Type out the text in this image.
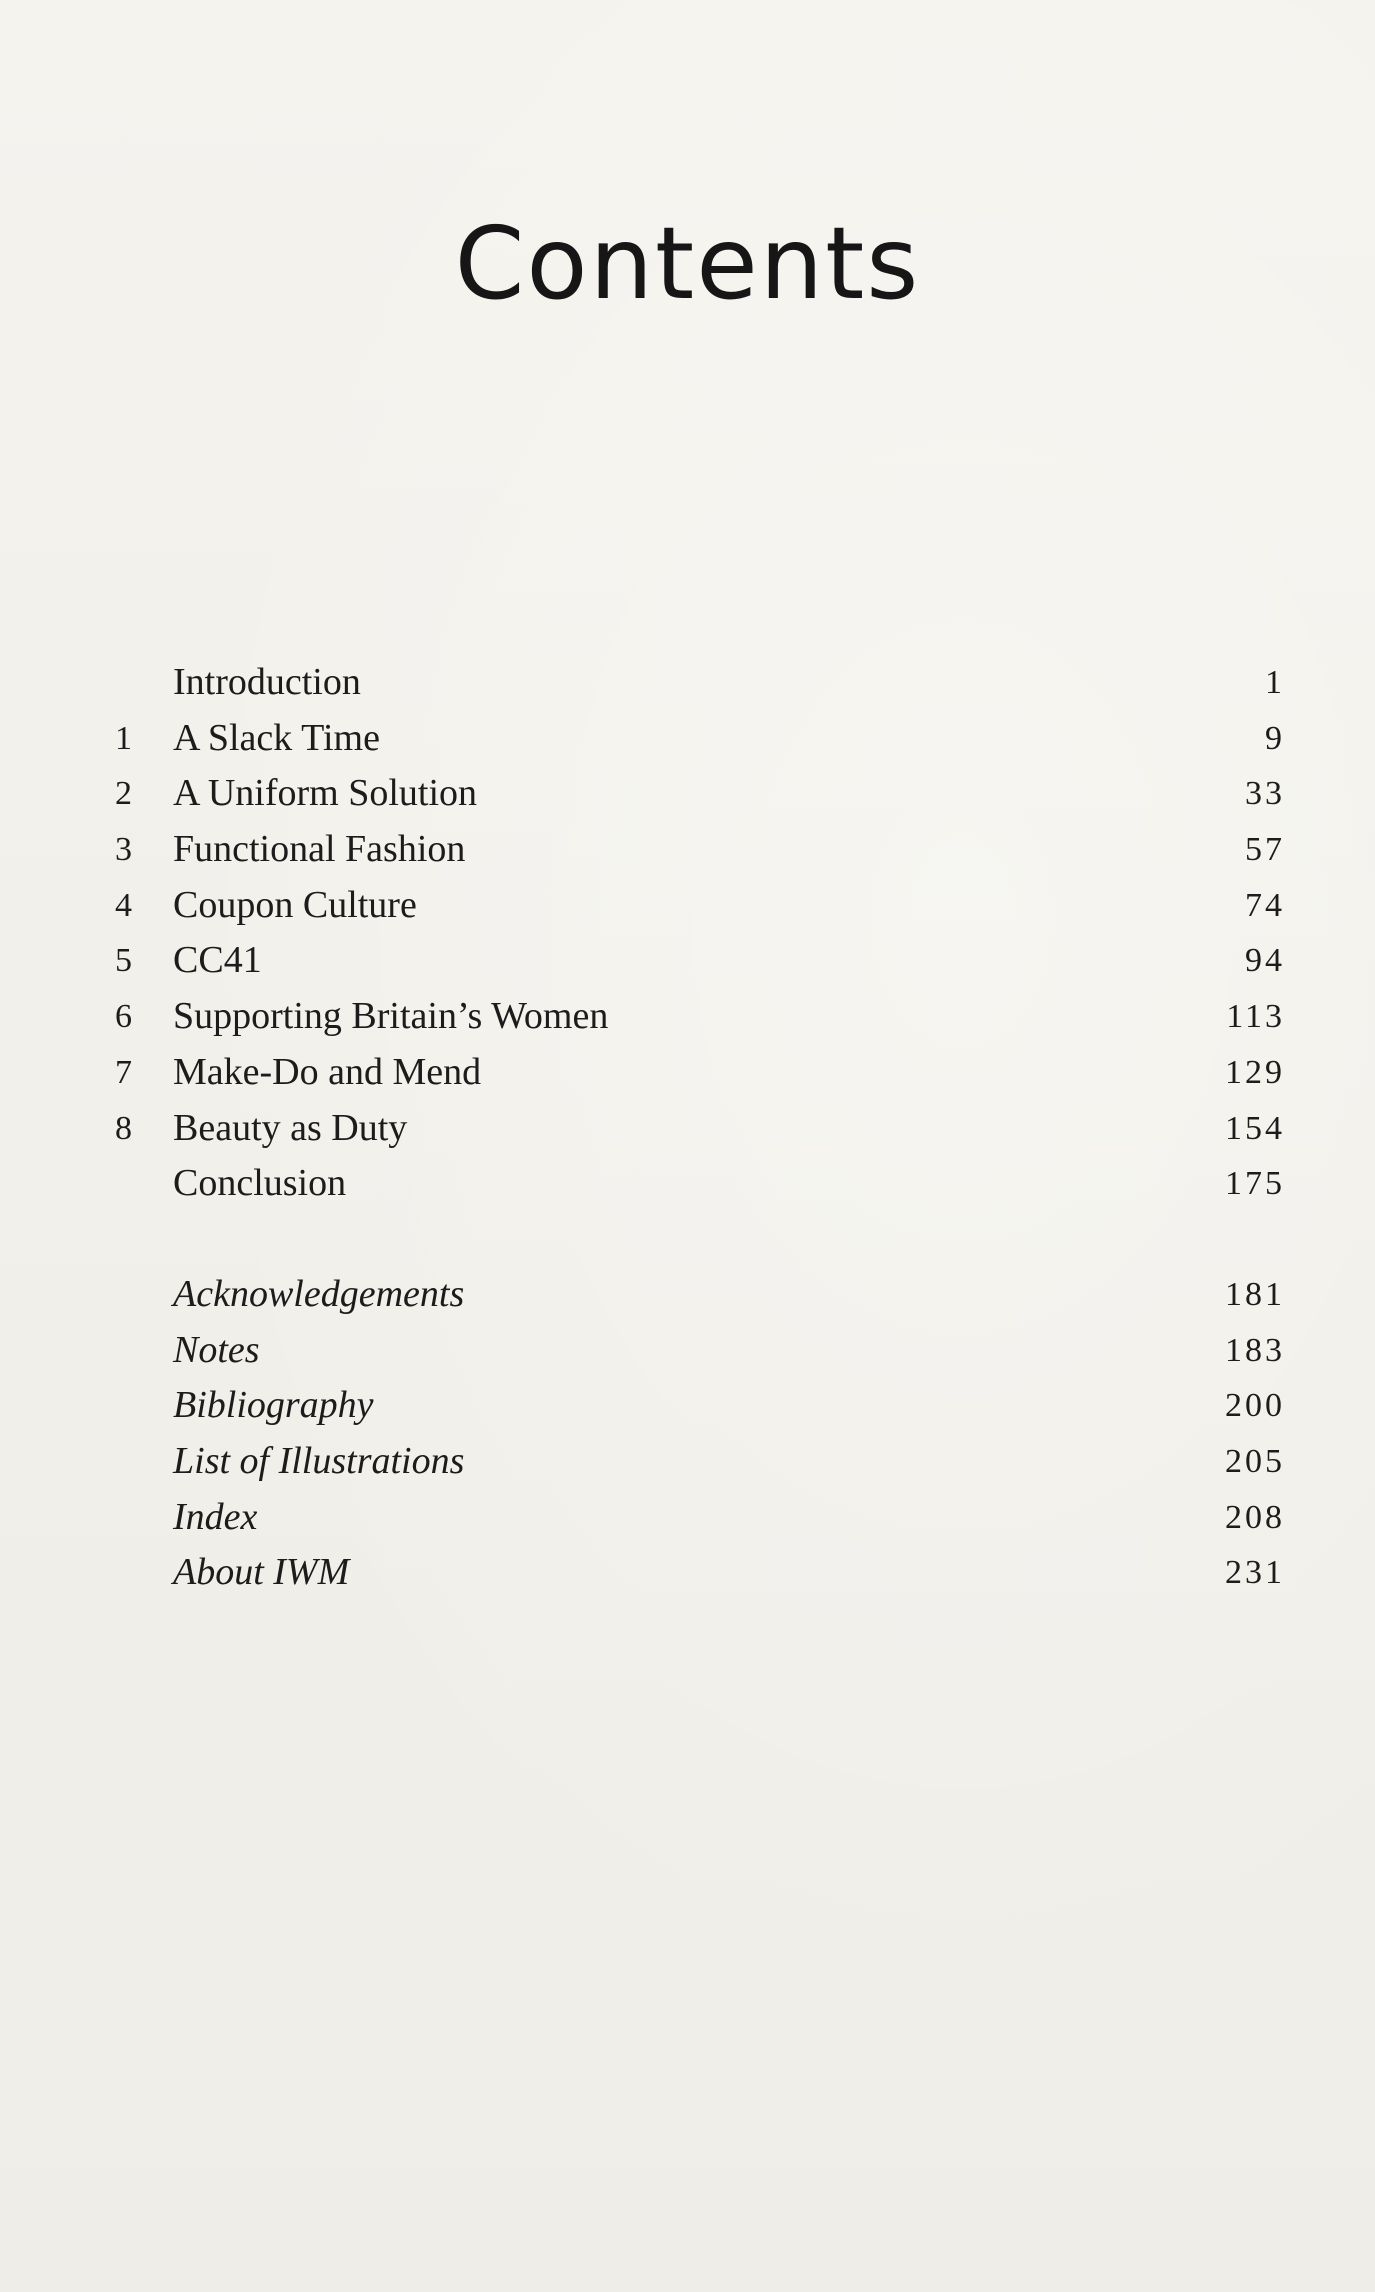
Contents
Introduction	1
1	A Slack Time	9
2	A Uniform Solution	33
3	Functional Fashion	57
4	Coupon Culture	74
5	CC41	94
6	Supporting Britain’s Women	113
7	Make-Do and Mend	129
8	Beauty as Duty	154
Conclusion	175
Acknowledgements	181
Notes	183
Bibliography	200
List of Illustrations	205
Index	208
About IWM	231
